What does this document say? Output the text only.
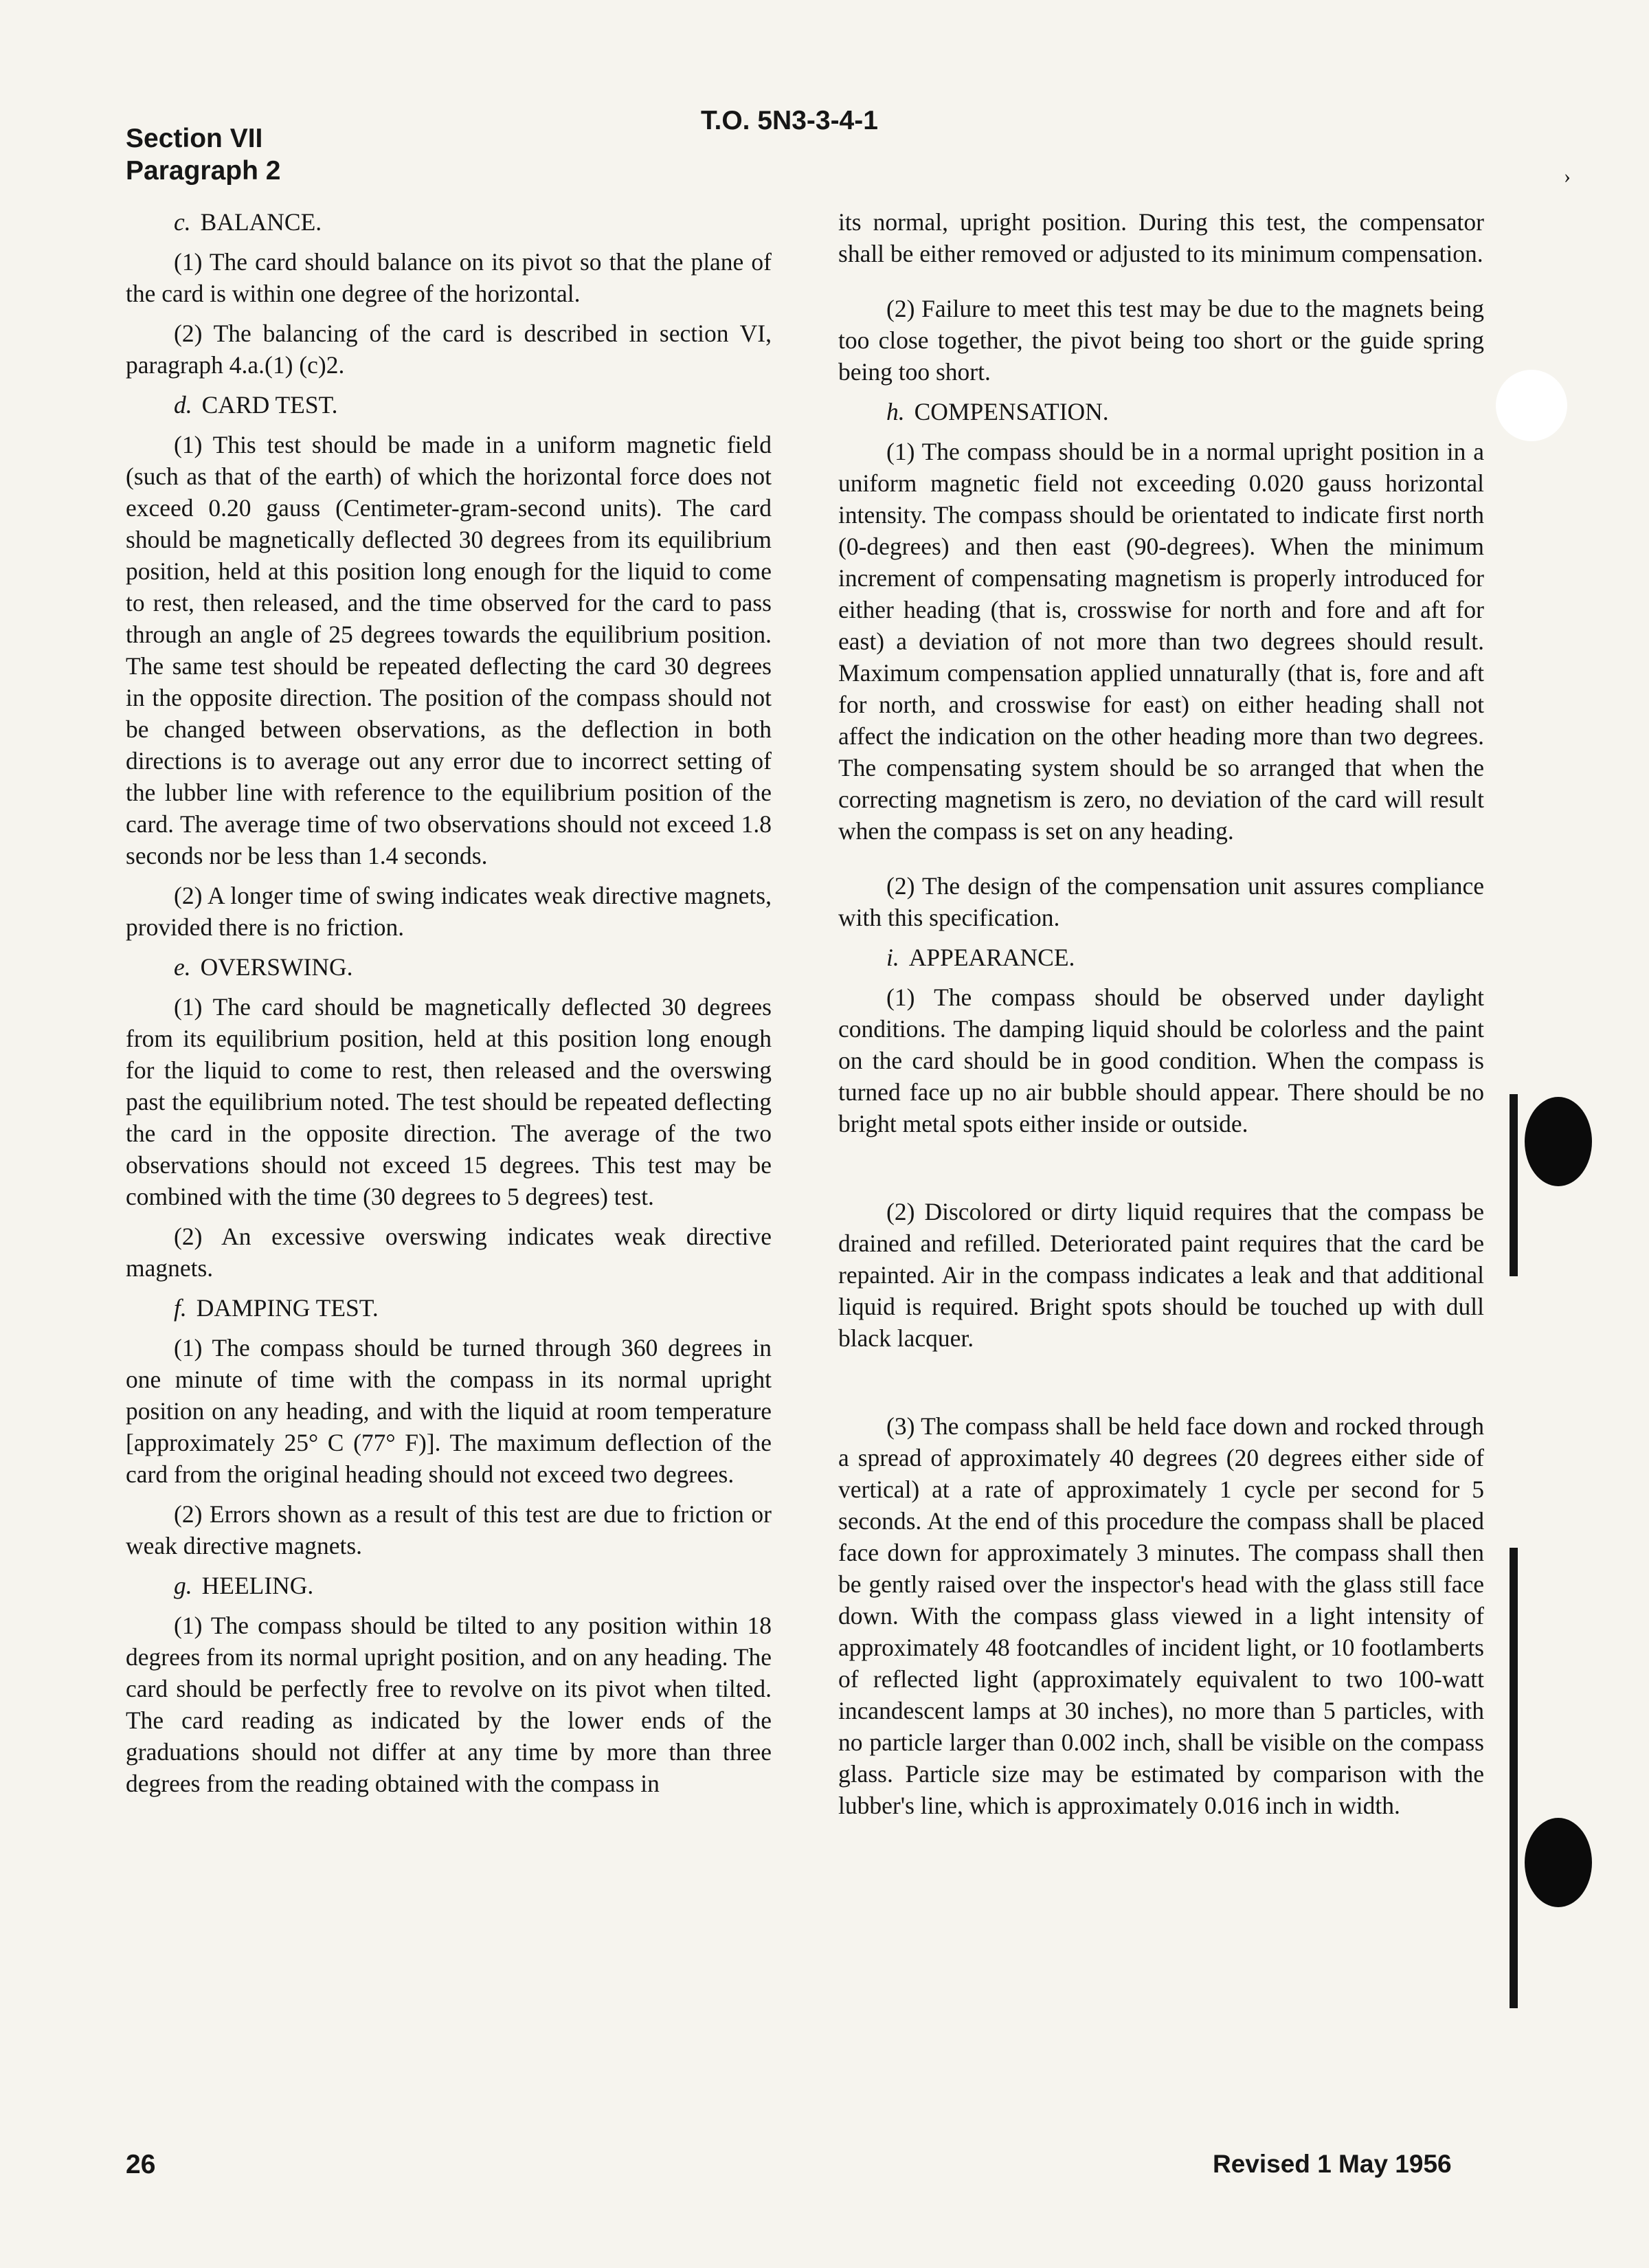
Section VII
Paragraph 2
T.O. 5N3-3-4-1
›
c. BALANCE.
(1) The card should balance on its pivot so that the plane of the card is within one degree of the horizontal.
(2) The balancing of the card is described in section VI, paragraph 4.a.(1) (c)2.
d. CARD TEST.
(1) This test should be made in a uniform magnetic field (such as that of the earth) of which the horizontal force does not exceed 0.20 gauss (Centimeter-gram-second units). The card should be magnetically deflected 30 degrees from its equilibrium position, held at this position long enough for the liquid to come to rest, then released, and the time observed for the card to pass through an angle of 25 degrees towards the equilibrium position. The same test should be repeated deflecting the card 30 degrees in the opposite direction. The position of the compass should not be changed between observations, as the deflection in both directions is to average out any error due to incorrect setting of the lubber line with reference to the equilibrium position of the card. The average time of two observations should not exceed 1.8 seconds nor be less than 1.4 seconds.
(2) A longer time of swing indicates weak directive magnets, provided there is no friction.
e. OVERSWING.
(1) The card should be magnetically deflected 30 degrees from its equilibrium position, held at this position long enough for the liquid to come to rest, then released and the overswing past the equilibrium noted. The test should be repeated deflecting the card in the opposite direction. The average of the two observations should not exceed 15 degrees. This test may be combined with the time (30 degrees to 5 degrees) test.
(2) An excessive overswing indicates weak directive magnets.
f. DAMPING TEST.
(1) The compass should be turned through 360 degrees in one minute of time with the compass in its normal upright position on any heading, and with the liquid at room temperature [approximately 25° C (77° F)]. The maximum deflection of the card from the original heading should not exceed two degrees.
(2) Errors shown as a result of this test are due to friction or weak directive magnets.
g. HEELING.
(1) The compass should be tilted to any position within 18 degrees from its normal upright position, and on any heading. The card should be perfectly free to revolve on its pivot when tilted. The card reading as indicated by the lower ends of the graduations should not differ at any time by more than three degrees from the reading obtained with the compass in
its normal, upright position. During this test, the compensator shall be either removed or adjusted to its minimum compensation.
(2) Failure to meet this test may be due to the magnets being too close together, the pivot being too short or the guide spring being too short.
h. COMPENSATION.
(1) The compass should be in a normal upright position in a uniform magnetic field not exceeding 0.020 gauss horizontal intensity. The compass should be orientated to indicate first north (0-degrees) and then east (90-degrees). When the minimum increment of compensating magnetism is properly introduced for either heading (that is, crosswise for north and fore and aft for east) a deviation of not more than two degrees should result. Maximum compensation applied unnaturally (that is, fore and aft for north, and crosswise for east) on either heading shall not affect the indication on the other heading more than two degrees. The compensating system should be so arranged that when the correcting magnetism is zero, no deviation of the card will result when the compass is set on any heading.
(2) The design of the compensation unit assures compliance with this specification.
i. APPEARANCE.
(1) The compass should be observed under daylight conditions. The damping liquid should be colorless and the paint on the card should be in good condition. When the compass is turned face up no air bubble should appear. There should be no bright metal spots either inside or outside.
(2) Discolored or dirty liquid requires that the compass be drained and refilled. Deteriorated paint requires that the card be repainted. Air in the compass indicates a leak and that additional liquid is required. Bright spots should be touched up with dull black lacquer.
(3) The compass shall be held face down and rocked through a spread of approximately 40 degrees (20 degrees either side of vertical) at a rate of approximately 1 cycle per second for 5 seconds. At the end of this procedure the compass shall be placed face down for approximately 3 minutes. The compass shall then be gently raised over the inspector's head with the glass still face down. With the compass glass viewed in a light intensity of approximately 48 footcandles of incident light, or 10 footlamberts of reflected light (approximately equivalent to two 100-watt incandescent lamps at 30 inches), no more than 5 particles, with no particle larger than 0.002 inch, shall be visible on the compass glass. Particle size may be estimated by comparison with the lubber's line, which is approximately 0.016 inch in width.
26	Revised 1 May 1956
